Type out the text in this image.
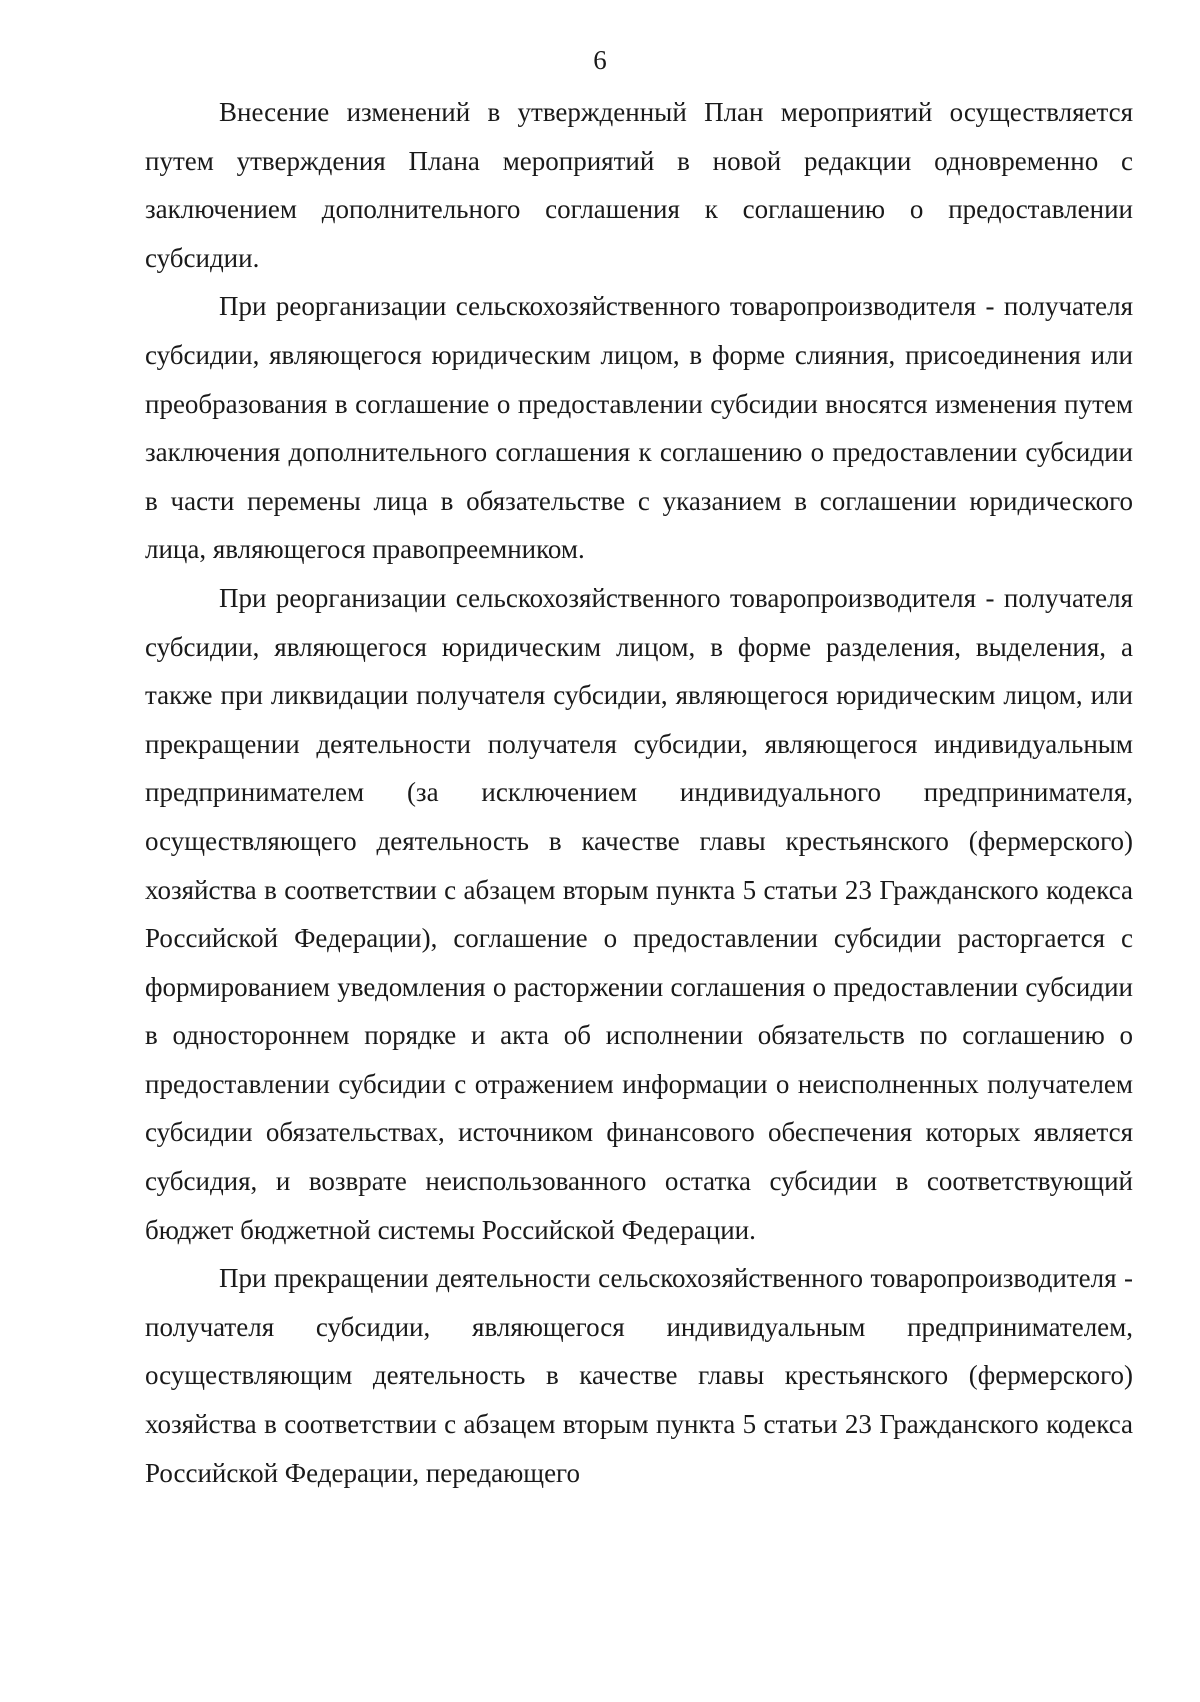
6

Внесение изменений в утвержденный План мероприятий осуществляется путем утверждения Плана мероприятий в новой редакции одновременно с заключением дополнительного соглашения к соглашению о предоставлении субсидии.

При реорганизации сельскохозяйственного товаропроизводителя - получателя субсидии, являющегося юридическим лицом, в форме слияния, присоединения или преобразования в соглашение о предоставлении субсидии вносятся изменения путем заключения дополнительного соглашения к соглашению о предоставлении субсидии в части перемены лица в обязательстве с указанием в соглашении юридического лица, являющегося правопреемником.

При реорганизации сельскохозяйственного товаропроизводителя - получателя субсидии, являющегося юридическим лицом, в форме разделения, выделения, а также при ликвидации получателя субсидии, являющегося юридическим лицом, или прекращении деятельности получателя субсидии, являющегося индивидуальным предпринимателем (за исключением индивидуального предпринимателя, осуществляющего деятельность в качестве главы крестьянского (фермерского) хозяйства в соответствии с абзацем вторым пункта 5 статьи 23 Гражданского кодекса Российской Федерации), соглашение о предоставлении субсидии расторгается с формированием уведомления о расторжении соглашения о предоставлении субсидии в одностороннем порядке и акта об исполнении обязательств по соглашению о предоставлении субсидии с отражением информации о неисполненных получателем субсидии обязательствах, источником финансового обеспечения которых является субсидия, и возврате неиспользованного остатка субсидии в соответствующий бюджет бюджетной системы Российской Федерации.

При прекращении деятельности сельскохозяйственного товаропроизводителя - получателя субсидии, являющегося индивидуальным предпринимателем, осуществляющим деятельность в качестве главы крестьянского (фермерского) хозяйства в соответствии с абзацем вторым пункта 5 статьи 23 Гражданского кодекса Российской Федерации, передающего
